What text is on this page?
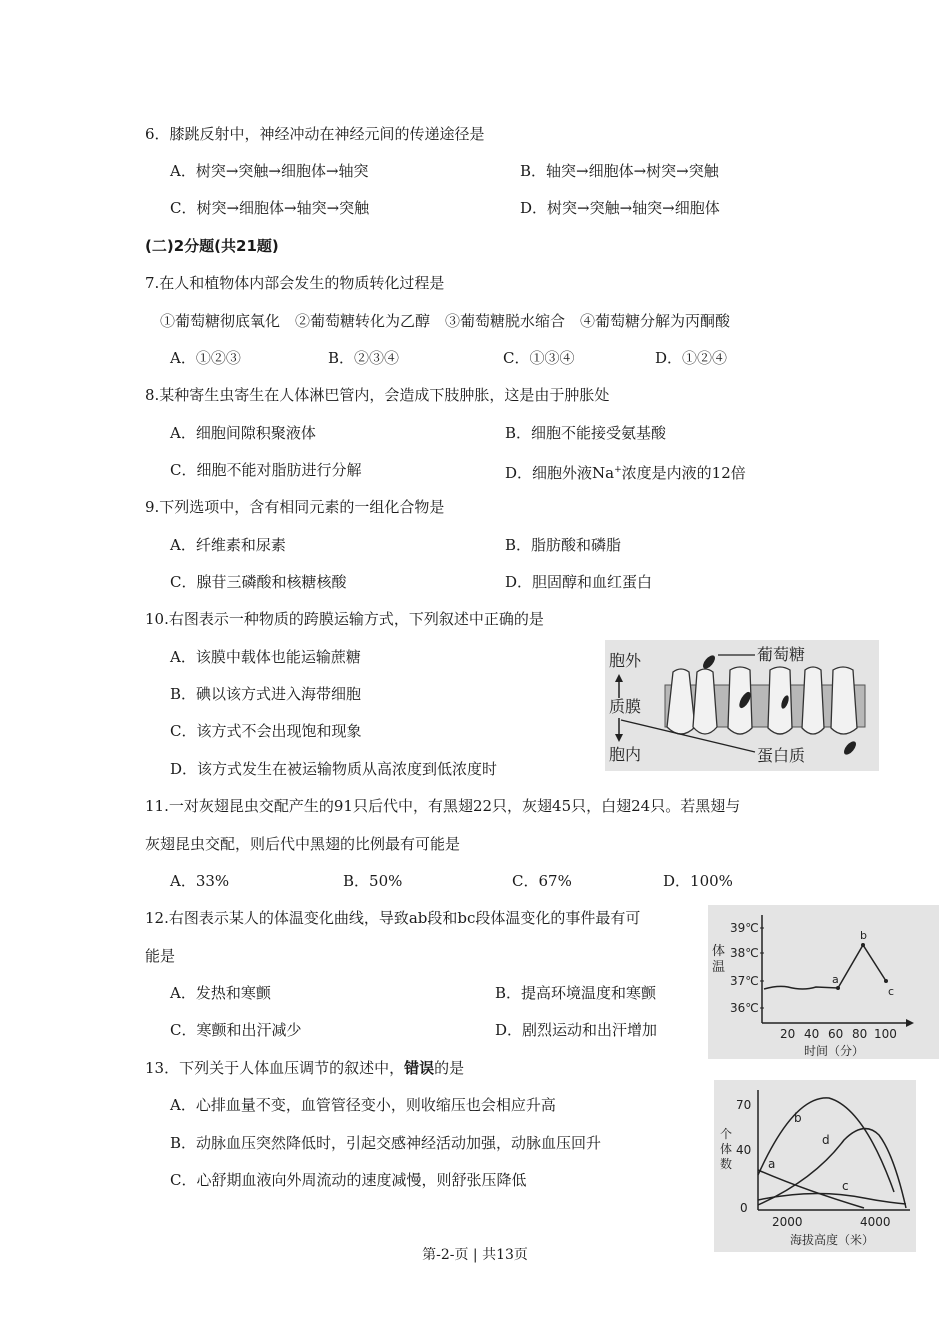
6．膝跳反射中，神经冲动在神经元间的传递途径是
A．树突→突触→细胞体→轴突	B．轴突→细胞体→树突→突触
C．树突→细胞体→轴突→突触	D．树突→突触→轴突→细胞体
(二)2分题(共21题)
7.在人和植物体内部会发生的物质转化过程是
①葡萄糖彻底氧化　②葡萄糖转化为乙醇　③葡萄糖脱水缩合　④葡萄糖分解为丙酮酸
A．①②③	B．②③④	C．①③④	D．①②④
8.某种寄生虫寄生在人体淋巴管内，会造成下肢肿胀，这是由于肿胀处
A．细胞间隙积聚液体	B．细胞不能接受氨基酸
C．细胞不能对脂肪进行分解	D．细胞外液Na+浓度是内液的12倍
9.下列选项中，含有相同元素的一组化合物是
A．纤维素和尿素	B．脂肪酸和磷脂
C．腺苷三磷酸和核糖核酸	D．胆固醇和血红蛋白
10.右图表示一种物质的跨膜运输方式，下列叙述中正确的是
A．该膜中载体也能运输蔗糖
B．碘以该方式进入海带细胞
C．该方式不会出现饱和现象
D．该方式发生在被运输物质从高浓度到低浓度时
胞外
质膜
胞内
葡萄糖
蛋白质
11.一对灰翅昆虫交配产生的91只后代中，有黑翅22只，灰翅45只，白翅24只。若黑翅与
灰翅昆虫交配，则后代中黑翅的比例最有可能是
A．33%	B．50%	C．67%	D．100%
12.右图表示某人的体温变化曲线，导致ab段和bc段体温变化的事件最有可
能是
A．发热和寒颤	B．提高环境温度和寒颤
C．寒颤和出汗减少	D．剧烈运动和出汗增加
39℃
38℃
37℃
36℃
体
温
20 40 60 80 100
时间（分）
a
b
c
13．下列关于人体血压调节的叙述中，错误的是
A．心排血量不变，血管管径变小，则收缩压也会相应升高
B．动脉血压突然降低时，引起交感神经活动加强，动脉血压回升
C．心舒期血液向外周流动的速度减慢，则舒张压降低
70
40
0
个
体
数
2000	4000
海拔高度（米）
a
b
c
d
第-2-页 | 共13页
